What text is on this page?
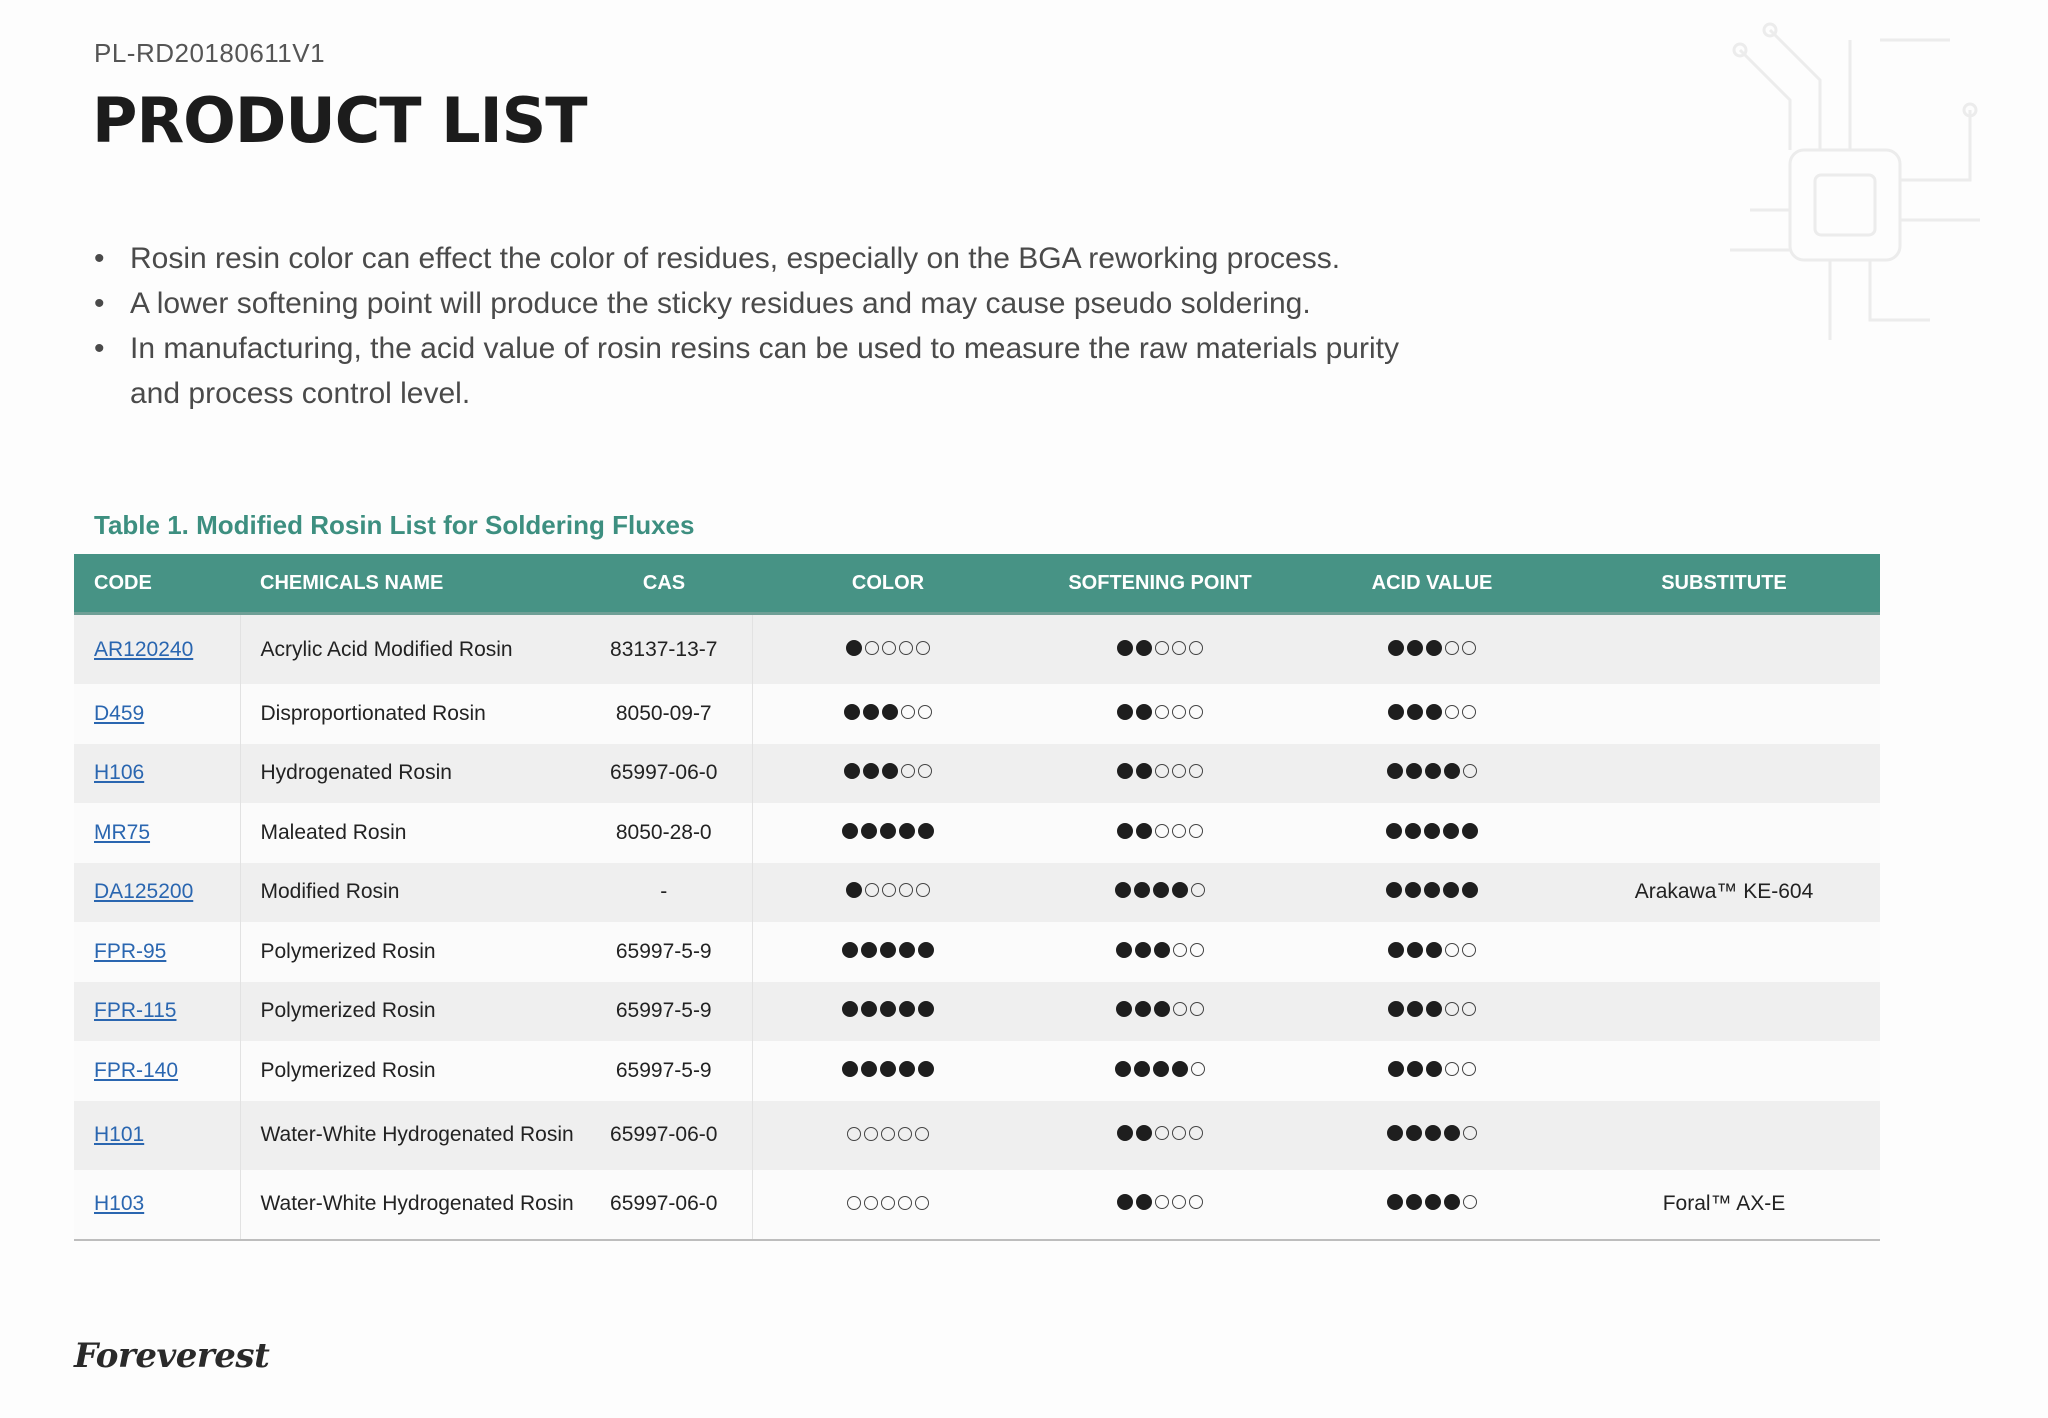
PL-RD20180611V1
PRODUCT LIST
• Rosin resin color can effect the color of residues, especially on the BGA reworking process.
• A lower softening point will produce the sticky residues and may cause pseudo soldering.
• In manufacturing, the acid value of rosin resins can be used to measure the raw materials purity and process control level.
Table 1. Modified Rosin List for Soldering Fluxes
CODE	CHEMICALS NAME	CAS	COLOR	SOFTENING POINT	ACID VALUE	SUBSTITUTE
AR120240	Acrylic Acid Modified Rosin	83137-13-7	

D459	Disproportionated Rosin	8050-09-7	

H106	Hydrogenated Rosin	65997-06-0	

MR75	Maleated Rosin	8050-28-0	

DA125200	Modified Rosin	-				Arakawa™ KE-604
FPR-95	Polymerized Rosin	65997-5-9	

FPR-115	Polymerized Rosin	65997-5-9	

FPR-140	Polymerized Rosin	65997-5-9	

H101	Water-White Hydrogenated Rosin	65997-06-0	

H103	Water-White Hydrogenated Rosin	65997-06-0				Foral™ AX-E
Foreverest
